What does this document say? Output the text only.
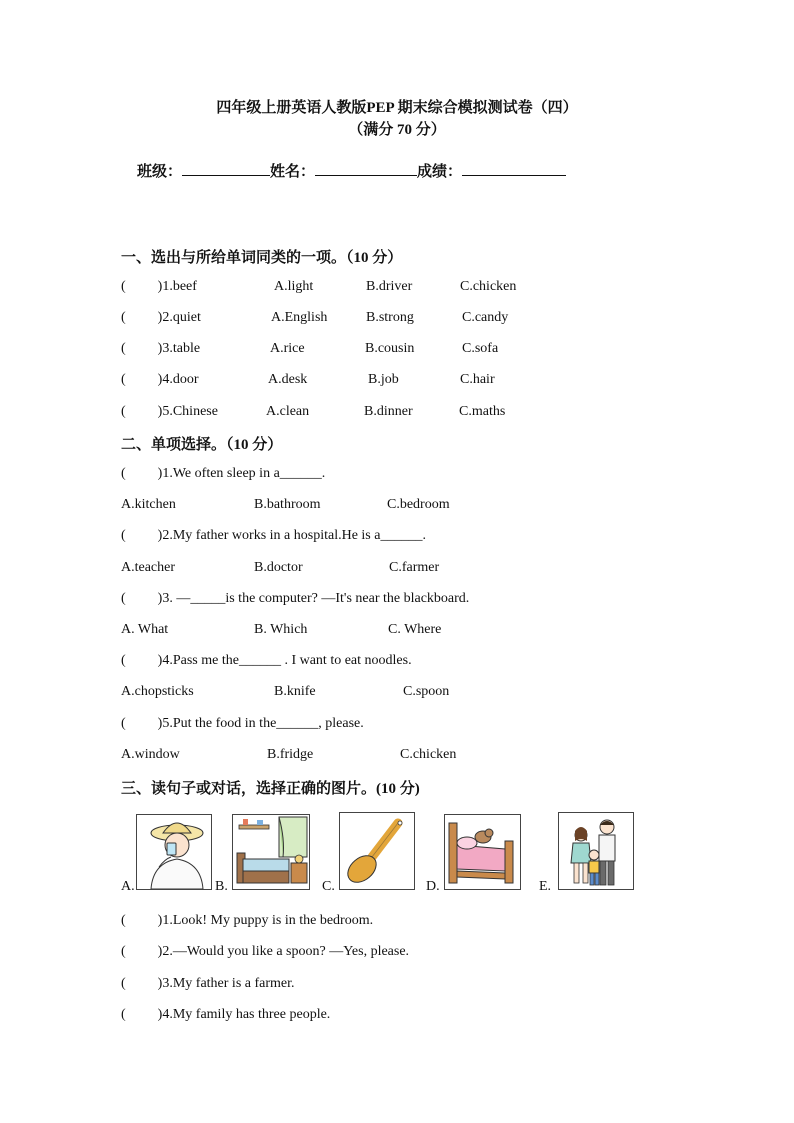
四年级上册英语人教版PEP 期末综合模拟测试卷（四）
（满分 70 分）
班级：	姓名：	成绩：
一、选出与所给单词同类的一项。（10 分）
( )1.beef	A.light	B.driver	C.chicken
( )2.quiet	A.English	B.strong	C.candy
( )3.table	A.rice	B.cousin	C.sofa
( )4.door	A.desk	B.job	C.hair
( )5.Chinese	A.clean	B.dinner	C.maths
二、单项选择。（10 分）
( )1.We often sleep in a______.
A.kitchen	B.bathroom	C.bedroom
( )2.My father works in a hospital.He is a______.
A.teacher	B.doctor	C.farmer
( )3. —_____is the computer? —It's near the blackboard.
A. What	B. Which	C. Where
( )4.Pass me the______ . I want to eat noodles.
A.chopsticks	B.knife	C.spoon
( )5.Put the food in the______, please.
A.window	B.fridge	C.chicken
三、读句子或对话，选择正确的图片。(10 分)
A.	B.	C.	D.	E.
( )1.Look! My puppy is in the bedroom.
( )2.—Would you like a spoon? —Yes, please.
( )3.My father is a farmer.
( )4.My family has three people.
